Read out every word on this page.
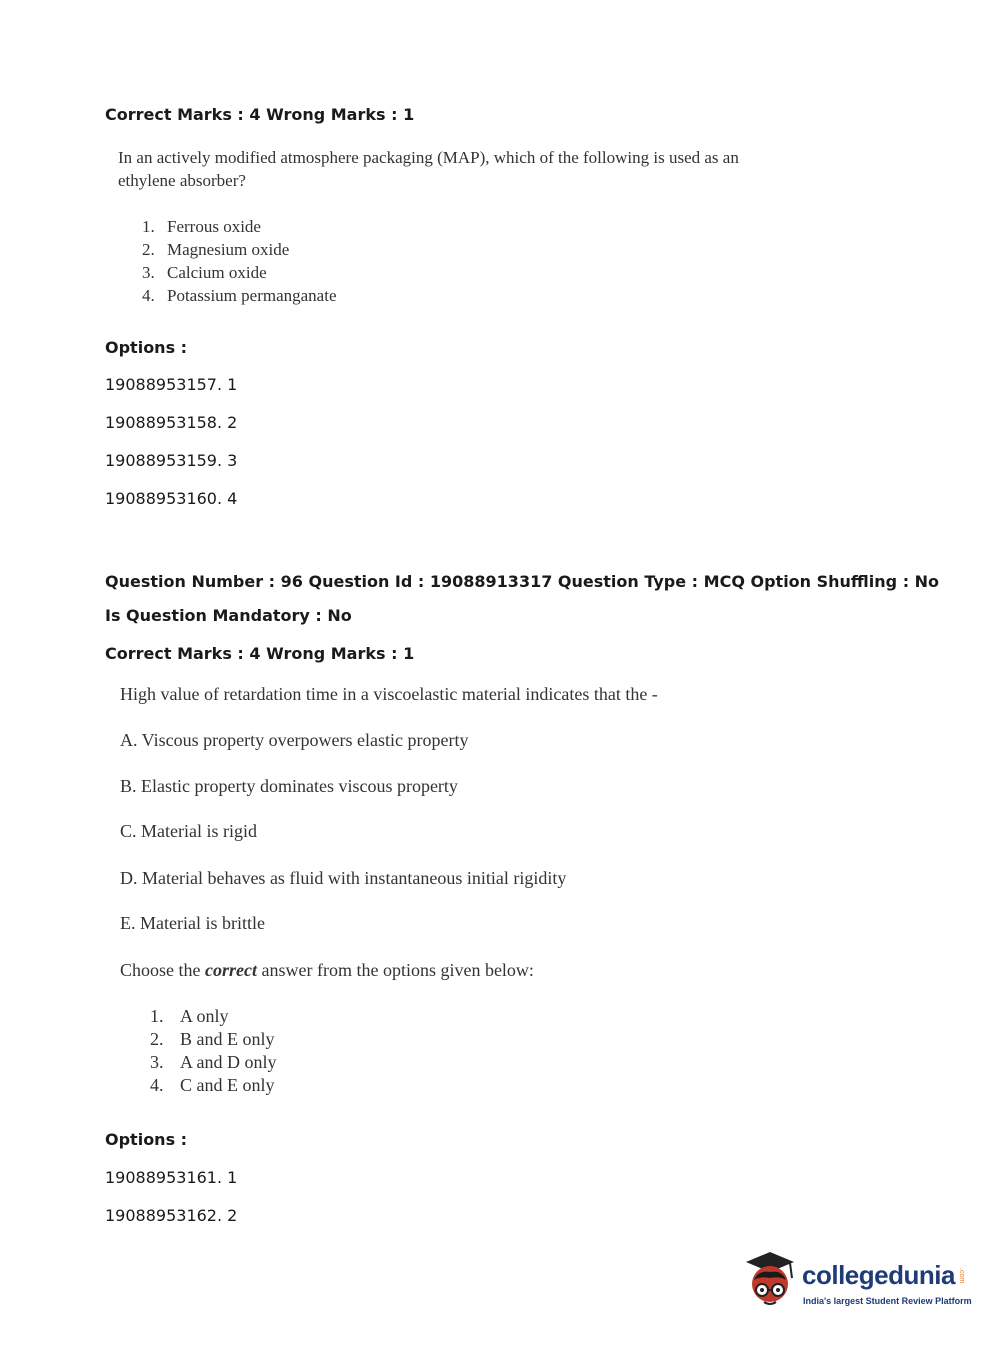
Correct Marks : 4 Wrong Marks : 1
In an actively modified atmosphere packaging (MAP), which of the following is used as an
ethylene absorber?
1. Ferrous oxide
2. Magnesium oxide
3. Calcium oxide
4. Potassium permanganate
Options :
19088953157. 1
19088953158. 2
19088953159. 3
19088953160. 4
Question Number : 96 Question Id : 19088913317 Question Type : MCQ Option Shuffling : No
Is Question Mandatory : No
Correct Marks : 4 Wrong Marks : 1
High value of retardation time in a viscoelastic material indicates that the -
A. Viscous property overpowers elastic property
B. Elastic property dominates viscous property
C. Material is rigid
D. Material behaves as fluid with instantaneous initial rigidity
E. Material is brittle
Choose the correct answer from the options given below:
1. A only
2. B and E only
3. A and D only
4. C and E only
Options :
19088953161. 1
19088953162. 2
collegedunia .com
India's largest Student Review Platform
